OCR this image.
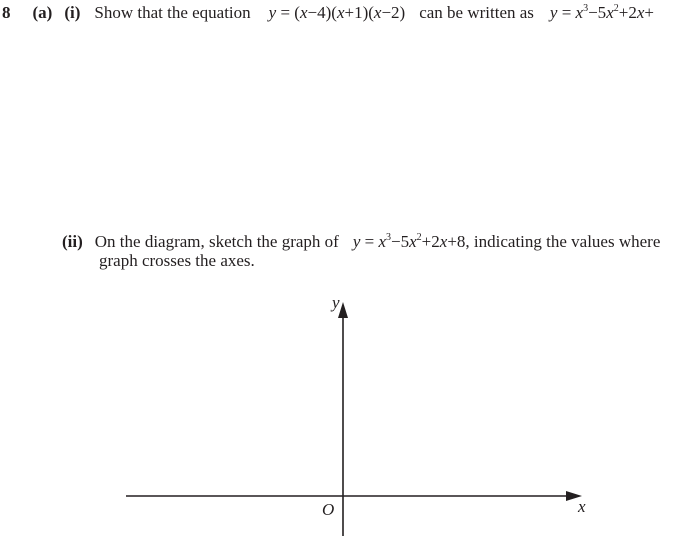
8 (a) (i) Show that the equation y = (x−4)(x+1)(x−2) can be written as $y = x^3-5x^2+2x+$
(ii) On the diagram, sketch the graph of $y = x^3-5x^2+2x+8$, indicating the values where
graph crosses the axes.
y
x
O
